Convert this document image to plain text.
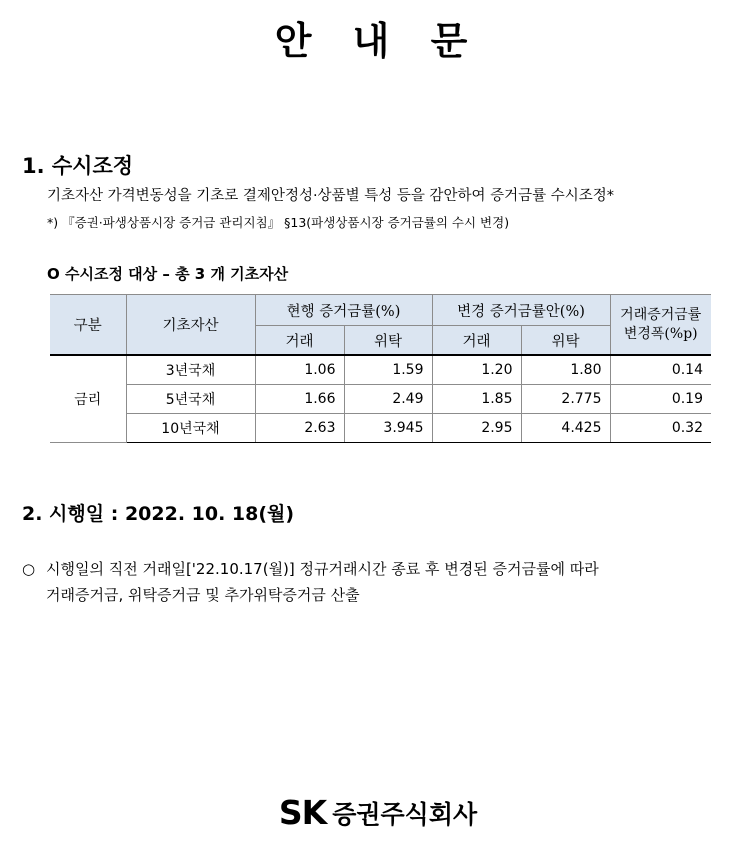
안 내 문
1. 수시조정
기초자산 가격변동성을 기초로 결제안정성·상품별 특성 등을 감안하여 증거금률 수시조정*
*) 『증권·파생상품시장 증거금 관리지침』 §13(파생상품시장 증거금률의 수시 변경)
O 수시조정 대상 – 총 3 개 기초자산
구분	기초자산	현행 증거금률(%)		변경 증거금률안(%)		거래증거금률
변경폭(%p)

		거래	위탁	거래	위탁	
금리	3년국채	1.06	1.59	1.20	1.80	0.14
	5년국채	1.66	2.49	1.85	2.775	0.19
	10년국채	2.63	3.945	2.95	4.425	0.32
2. 시행일 : 2022. 10. 18(월)
○ 시행일의 직전 거래일['22.10.17(월)] 정규거래시간 종료 후 변경된 증거금률에 따라
거래증거금, 위탁증거금 및 추가위탁증거금 산출
SK 증권주식회사
